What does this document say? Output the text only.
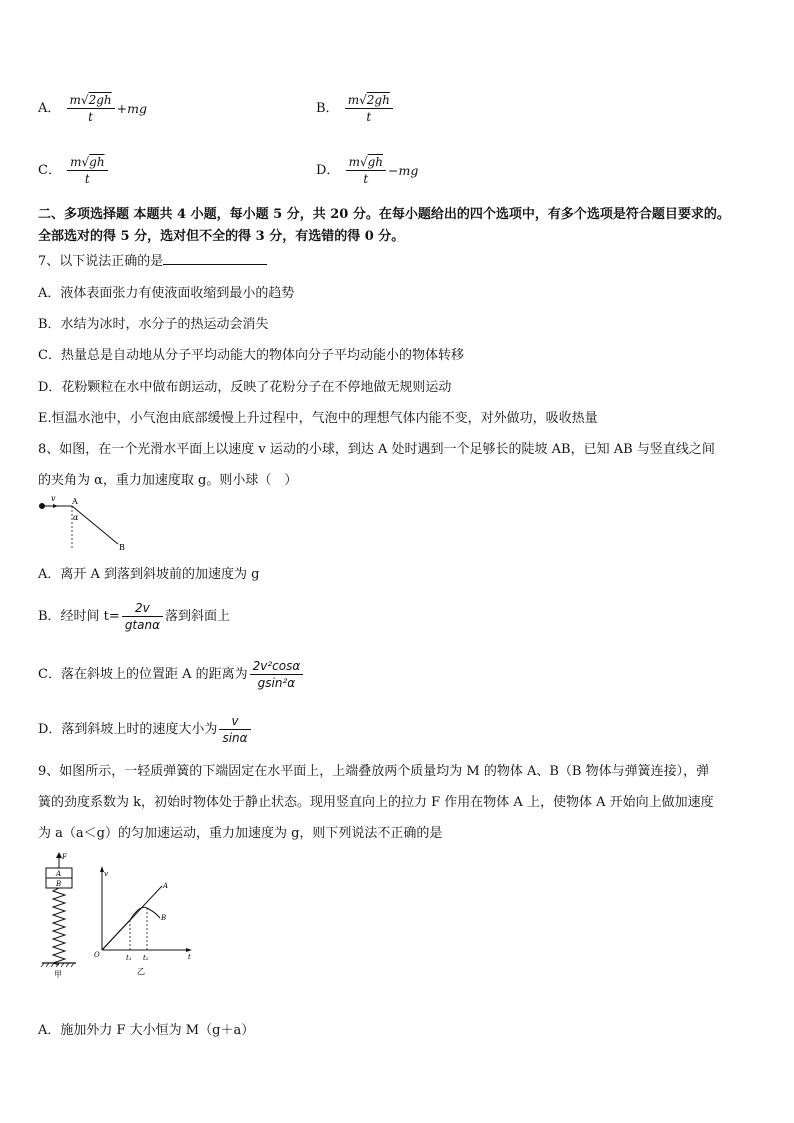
A． $\frac{m√2gh}{t} +mg$	B． $\frac{m√2gh}{t}$
C． $\frac{m√gh}{t}$	D． $\frac{m√gh}{t} -mg$
二、多项选择题 本题共 4 小题，每小题 5 分，共 20 分。在每小题给出的四个选项中，有多个选项是符合题目要求的。
全部选对的得 5 分，选对但不全的得 3 分，有选错的得 0 分。
7、以下说法正确的是
A．液体表面张力有使液面收缩到最小的趋势
B．水结为冰时，水分子的热运动会消失
C．热量总是自动地从分子平均动能大的物体向分子平均动能小的物体转移
D．花粉颗粒在水中做布朗运动，反映了花粉分子在不停地做无规则运动
E.恒温水池中，小气泡由底部缓慢上升过程中，气泡中的理想气体内能不变，对外做功，吸收热量
8、如图，在一个光滑水平面上以速度 v 运动的小球，到达 A 处时遇到一个足够长的陡坡 AB，已知 AB 与竖直线之间
的夹角为 α，重力加速度取 g。则小球（　）
v A
α
B
A．离开 A 到落到斜坡前的加速度为 g
B．经时间 $t= \frac{2v}{gtan\alpha}$ 落到斜面上
C．落在斜坡上的位置距 A 的距离为 $\frac{\text{2v²cosα}}{\text{gsin²α}}$
D．落到斜坡上时的速度大小为 $\frac{v}{\sin\alpha}$
9、如图所示，一轻质弹簧的下端固定在水平面上，上端叠放两个质量均为 M 的物体 A、B（B 物体与弹簧连接），弹
簧的劲度系数为 k，初始时物体处于静止状态。现用竖直向上的拉力 F 作用在物体 A 上，使物体 A 开始向上做加速度
为 a（a＜g）的匀加速运动，重力加速度为 g，则下列说法不正确的是
F
A
B
甲
v
O	t
A
B
t₁ t₂
乙
A．施加外力 F 大小恒为 M（g＋a）
